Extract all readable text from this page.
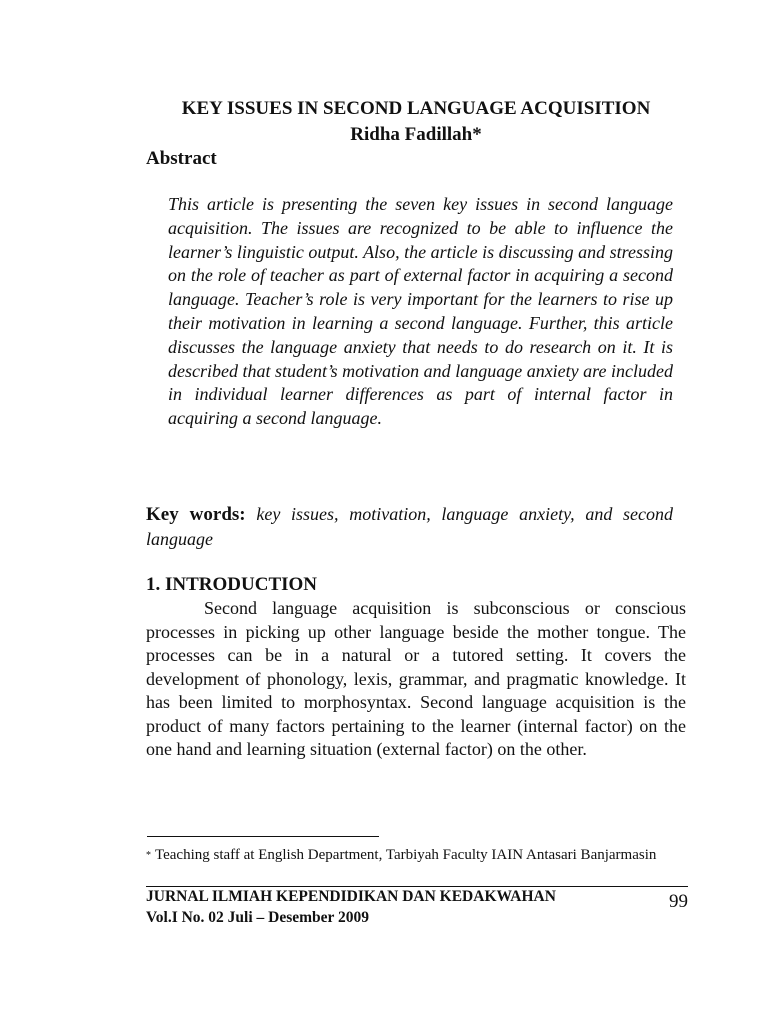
KEY ISSUES IN SECOND LANGUAGE ACQUISITION
Ridha Fadillah*
Abstract

This article is presenting the seven key issues in second language acquisition. The issues are recognized to be able to influence the learner’s linguistic output. Also, the article is discussing and stressing on the role of teacher as part of external factor in acquiring a second language. Teacher’s role is very important for the learners to rise up their motivation in learning a second language. Further, this article discusses the language anxiety that needs to do research on it. It is described that student’s motivation and language anxiety are included in individual learner differences as part of internal factor in acquiring a second language.

Key words: key issues, motivation, language anxiety, and second language

1. INTRODUCTION

Second language acquisition is subconscious or conscious processes in picking up other language beside the mother tongue. The processes can be in a natural or a tutored setting. It covers the development of phonology, lexis, grammar, and pragmatic knowledge. It has been limited to morphosyntax. Second language acquisition is the product of many factors pertaining to the learner (internal factor) on the one hand and learning situation (external factor) on the other.

* Teaching staff at English Department, Tarbiyah Faculty IAIN Antasari Banjarmasin

JURNAL ILMIAH KEPENDIDIKAN DAN KEDAKWAHAN
Vol.I No. 02 Juli – Desember 2009
99
